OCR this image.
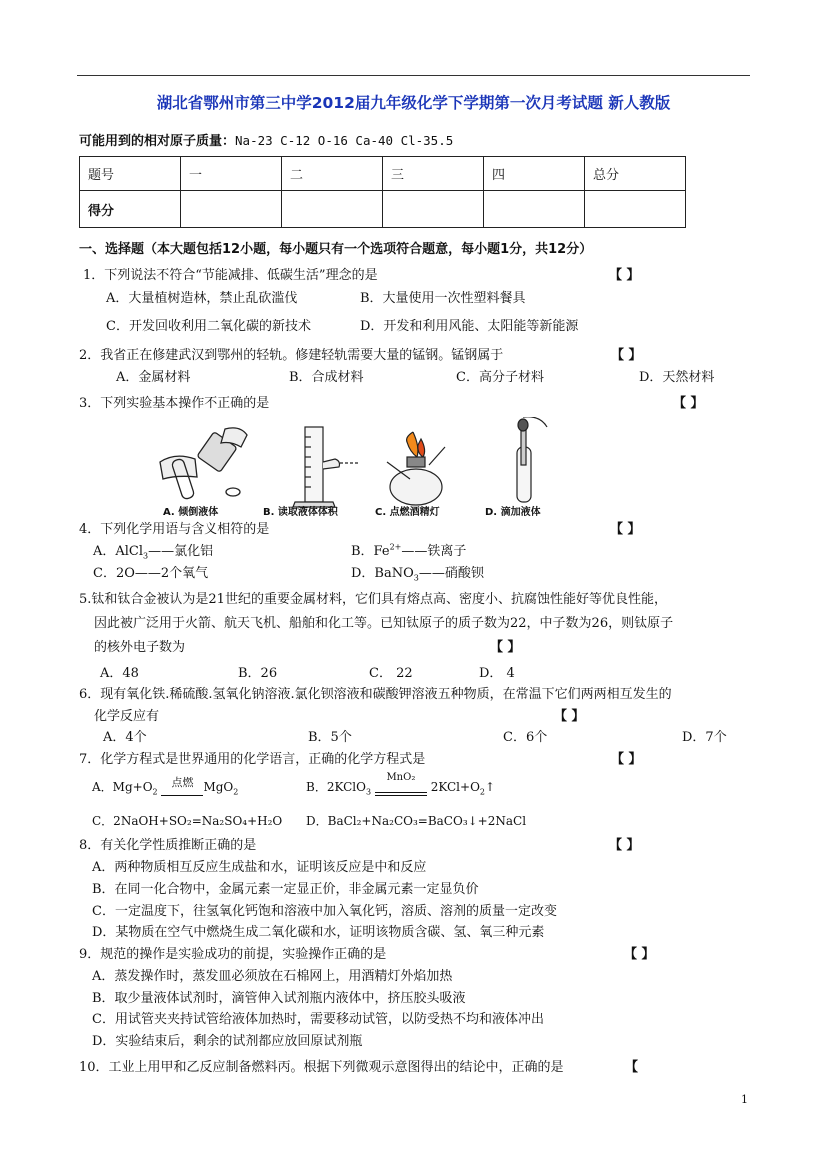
湖北省鄂州市第三中学2012届九年级化学下学期第一次月考试题 新人教版
可能用到的相对原子质量：Na-23 C-12 O-16 Ca-40 Cl-35.5
题号	一	二	三	四	总分
得分					
一、选择题（本大题包括12小题，每小题只有一个选项符合题意，每小题1分，共12分）
1．下列说法不符合“节能减排、低碳生活”理念的是	【 】
A．大量植树造林，禁止乱砍滥伐	B．大量使用一次性塑料餐具
C．开发回收利用二氧化碳的新技术	D．开发和利用风能、太阳能等新能源
2．我省正在修建武汉到鄂州的轻轨。修建轻轨需要大量的锰钢。锰钢属于	【 】
A．金属材料	B．合成材料	C．高分子材料	D．天然材料
3．下列实验基本操作不正确的是	【 】
A. 倾倒液体	B. 读取液体体积	C. 点燃酒精灯	D. 滴加液体
4．下列化学用语与含义相符的是	【 】
A．AlCl$_3$——氯化铝	B．$Fe^{2+}——$铁离子
C．2O——2个氧气	D．BaNO$_3$——硝酸钡
5.钛和钛合金被认为是21世纪的重要金属材料，它们具有熔点高、密度小、抗腐蚀性能好等优良性能，
因此被广泛用于火箭、航天飞机、船舶和化工等。已知钛原子的质子数为22，中子数为26，则钛原子
的核外电子数为	【 】
A．48	B．26	C． 22	D． 4
6．现有氧化铁.稀硫酸.氢氧化钠溶液.氯化钡溶液和碳酸钾溶液五种物质，在常温下它们两两相互发生的
化学反应有	【 】
A．4个	B．5个	C．6个	D．7个
7．化学方程式是世界通用的化学语言，正确的化学方程式是	【 】
A．$Mg+O_2$
点燃 MgO$_2$	B．2KClO$_3$
MnO₂
$2KCl+O_2↑$
C．2NaOH+SO₂=Na₂SO₄+H₂O D．BaCl₂+Na₂CO₃=BaCO₃↓+2NaCl
8．有关化学性质推断正确的是	【 】
A．两种物质相互反应生成盐和水，证明该反应是中和反应
B．在同一化合物中，金属元素一定显正价，非金属元素一定显负价
C．一定温度下，往氢氧化钙饱和溶液中加入氧化钙，溶质、溶剂的质量一定改变
D．某物质在空气中燃烧生成二氧化碳和水，证明该物质含碳、氢、氧三种元素
9．规范的操作是实验成功的前提，实验操作正确的是	【 】
A．蒸发操作时，蒸发皿必须放在石棉网上，用酒精灯外焰加热
B．取少量液体试剂时，滴管伸入试剂瓶内液体中，挤压胶头吸液
C．用试管夹夹持试管给液体加热时，需要移动试管，以防受热不均和液体冲出
D．实验结束后，剩余的试剂都应放回原试剂瓶
10．工业上用甲和乙反应制备燃料丙。根据下列微观示意图得出的结论中，正确的是	【
1
